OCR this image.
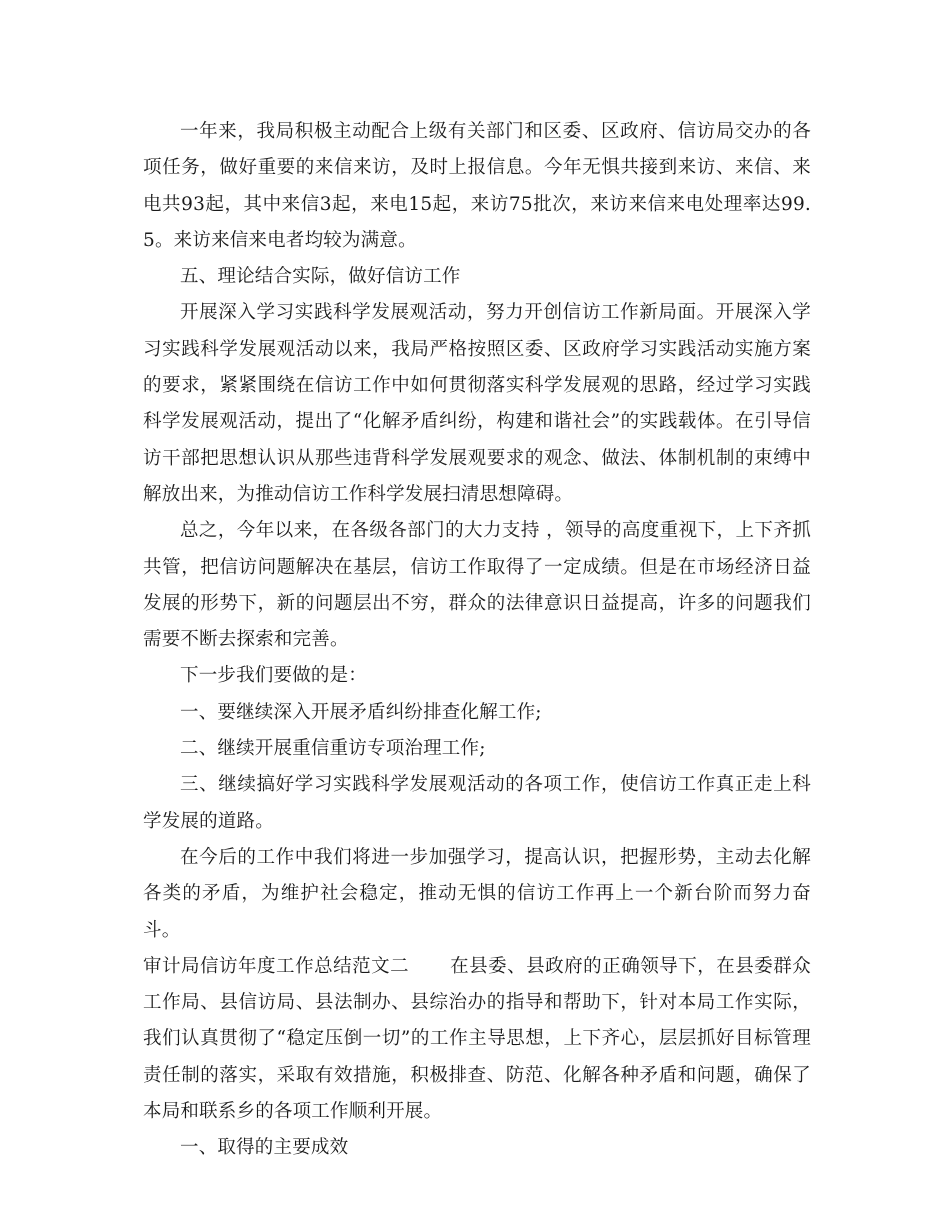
一年来，我局积极主动配合上级有关部门和区委、区政府、信访局交办的各项任务，做好重要的来信来访，及时上报信息。今年无惧共接到来访、来信、来电共93起，其中来信3起，来电15起，来访75批次，来访来信来电处理率达99.5。来访来信来电者均较为满意。

五、理论结合实际，做好信访工作

开展深入学习实践科学发展观活动，努力开创信访工作新局面。开展深入学习实践科学发展观活动以来，我局严格按照区委、区政府学习实践活动实施方案的要求，紧紧围绕在信访工作中如何贯彻落实科学发展观的思路，经过学习实践科学发展观活动，提出了“化解矛盾纠纷，构建和谐社会”的实践载体。在引导信访干部把思想认识从那些违背科学发展观要求的观念、做法、体制机制的束缚中解放出来，为推动信访工作科学发展扫清思想障碍。

总之，今年以来，在各级各部门的大力支持 ，领导的高度重视下，上下齐抓共管，把信访问题解决在基层，信访工作取得了一定成绩。但是在市场经济日益发展的形势下，新的问题层出不穷，群众的法律意识日益提高，许多的问题我们需要不断去探索和完善。

下一步我们要做的是：

一、要继续深入开展矛盾纠纷排查化解工作;

二、继续开展重信重访专项治理工作;

三、继续搞好学习实践科学发展观活动的各项工作，使信访工作真正走上科学发展的道路。

在今后的工作中我们将进一步加强学习，提高认识，把握形势，主动去化解各类的矛盾，为维护社会稳定，推动无惧的信访工作再上一个新台阶而努力奋斗。

审计局信访年度工作总结范文二 在县委、县政府的正确领导下，在县委群众工作局、县信访局、县法制办、县综治办的指导和帮助下，针对本局工作实际，我们认真贯彻了“稳定压倒一切”的工作主导思想，上下齐心，层层抓好目标管理责任制的落实，采取有效措施，积极排查、防范、化解各种矛盾和问题，确保了本局和联系乡的各项工作顺利开展。

一、取得的主要成效
